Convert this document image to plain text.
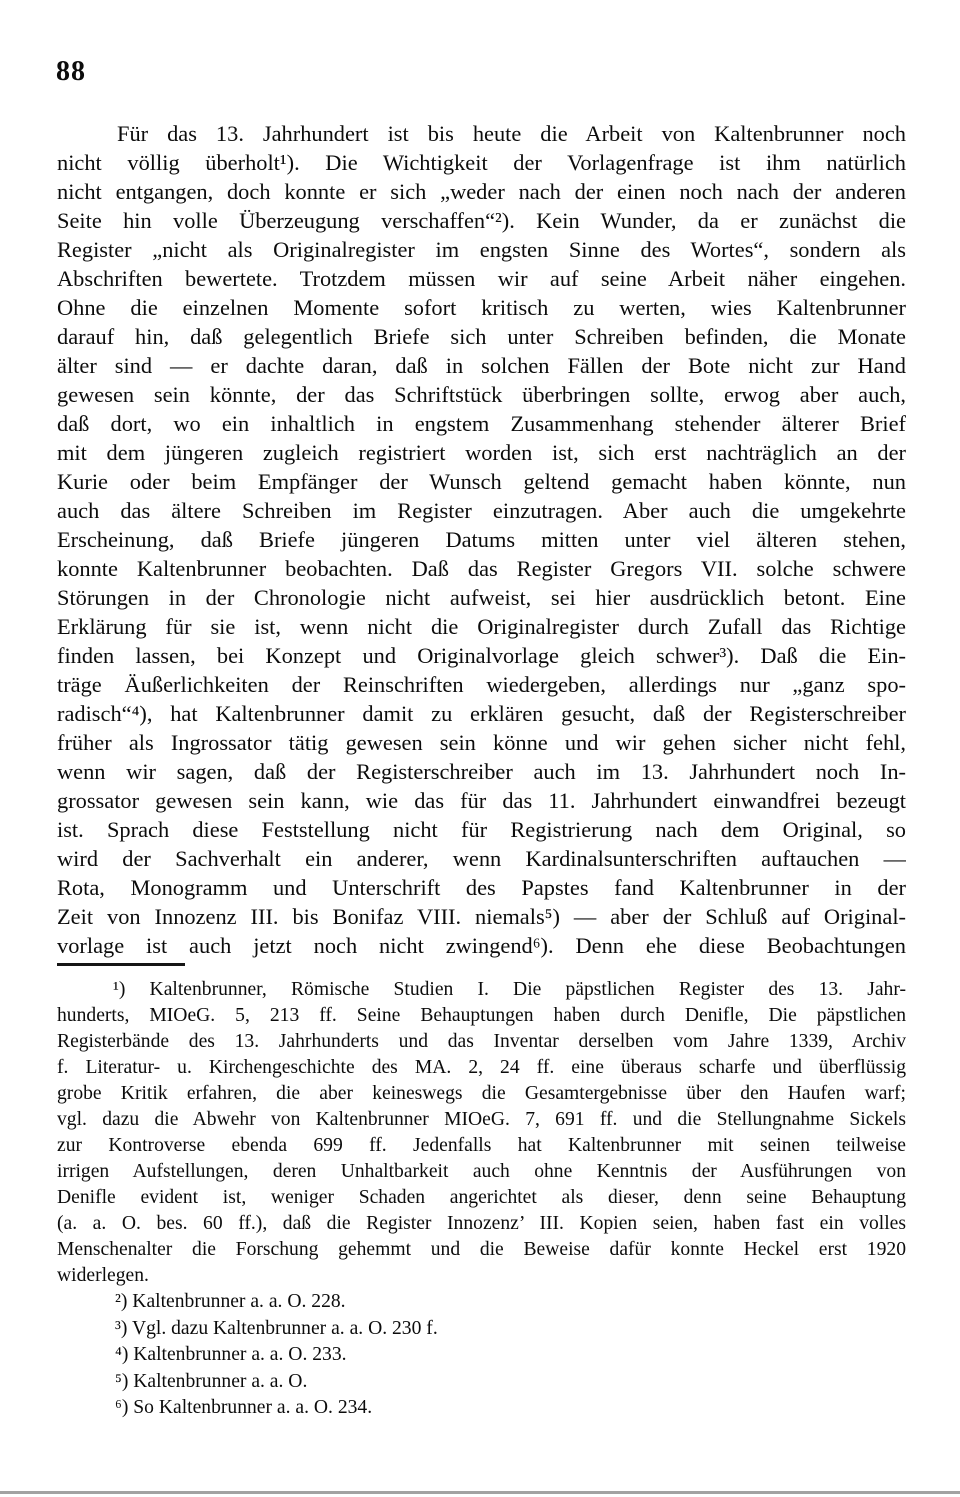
88
Für das 13. Jahrhundert ist bis heute die Arbeit von Kaltenbrunner noch
nicht völlig überholt¹). Die Wichtigkeit der Vorlagenfrage ist ihm natürlich
nicht entgangen, doch konnte er sich „weder nach der einen noch nach der anderen
Seite hin volle Überzeugung verschaffen“²). Kein Wunder, da er zunächst die
Register „nicht als Originalregister im engsten Sinne des Wortes“, sondern als
Abschriften bewertete. Trotzdem müssen wir auf seine Arbeit näher eingehen.
Ohne die einzelnen Momente sofort kritisch zu werten, wies Kaltenbrunner
darauf hin, daß gelegentlich Briefe sich unter Schreiben befinden, die Monate
älter sind — er dachte daran, daß in solchen Fällen der Bote nicht zur Hand
gewesen sein könnte, der das Schriftstück überbringen sollte, erwog aber auch,
daß dort, wo ein inhaltlich in engstem Zusammenhang stehender älterer Brief
mit dem jüngeren zugleich registriert worden ist, sich erst nachträglich an der
Kurie oder beim Empfänger der Wunsch geltend gemacht haben könnte, nun
auch das ältere Schreiben im Register einzutragen. Aber auch die umgekehrte
Erscheinung, daß Briefe jüngeren Datums mitten unter viel älteren stehen,
konnte Kaltenbrunner beobachten. Daß das Register Gregors VII. solche schwere
Störungen in der Chronologie nicht aufweist, sei hier ausdrücklich betont. Eine
Erklärung für sie ist, wenn nicht die Originalregister durch Zufall das Richtige
finden lassen, bei Konzept und Originalvorlage gleich schwer³). Daß die Ein-
träge Äußerlichkeiten der Reinschriften wiedergeben, allerdings nur „ganz spo-
radisch“⁴), hat Kaltenbrunner damit zu erklären gesucht, daß der Registerschreiber
früher als Ingrossator tätig gewesen sein könne und wir gehen sicher nicht fehl,
wenn wir sagen, daß der Registerschreiber auch im 13. Jahrhundert noch In-
grossator gewesen sein kann, wie das für das 11. Jahrhundert einwandfrei bezeugt
ist. Sprach diese Feststellung nicht für Registrierung nach dem Original, so
wird der Sachverhalt ein anderer, wenn Kardinalsunterschriften auftauchen —
Rota, Monogramm und Unterschrift des Papstes fand Kaltenbrunner in der
Zeit von Innozenz III. bis Bonifaz VIII. niemals⁵) — aber der Schluß auf Original-
vorlage ist auch jetzt noch nicht zwingend⁶). Denn ehe diese Beobachtungen
¹) Kaltenbrunner, Römische Studien I. Die päpstlichen Register des 13. Jahr-
hunderts, MIOeG. 5, 213 ff. Seine Behauptungen haben durch Denifle, Die päpstlichen
Registerbände des 13. Jahrhunderts und das Inventar derselben vom Jahre 1339, Archiv
f. Literatur- u. Kirchengeschichte des MA. 2, 24 ff. eine überaus scharfe und überflüssig
grobe Kritik erfahren, die aber keineswegs die Gesamtergebnisse über den Haufen warf;
vgl. dazu die Abwehr von Kaltenbrunner MIOeG. 7, 691 ff. und die Stellungnahme Sickels
zur Kontroverse ebenda 699 ff. Jedenfalls hat Kaltenbrunner mit seinen teilweise
irrigen Aufstellungen, deren Unhaltbarkeit auch ohne Kenntnis der Ausführungen von
Denifle evident ist, weniger Schaden angerichtet als dieser, denn seine Behauptung
(a. a. O. bes. 60 ff.), daß die Register Innozenz’ III. Kopien seien, haben fast ein volles
Menschenalter die Forschung gehemmt und die Beweise dafür konnte Heckel erst 1920
widerlegen.
²) Kaltenbrunner a. a. O. 228.
³) Vgl. dazu Kaltenbrunner a. a. O. 230 f.
⁴) Kaltenbrunner a. a. O. 233.
⁵) Kaltenbrunner a. a. O.
⁶) So Kaltenbrunner a. a. O. 234.
